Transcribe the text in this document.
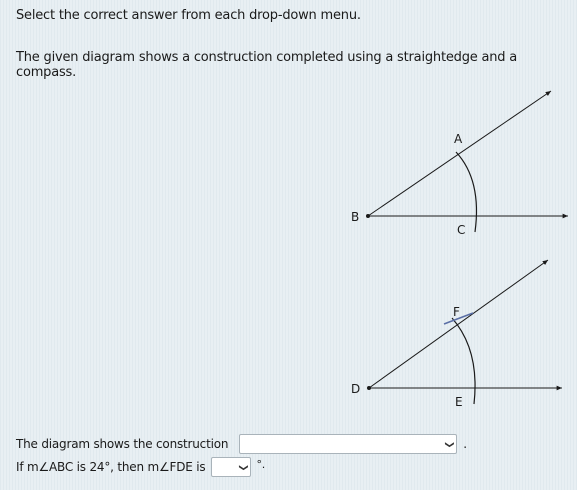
Select the correct answer from each drop-down menu.
The given diagram shows a construction completed using a straightedge and a compass.
A
B
C
F
D
E
The diagram shows the construction	❯ .
If m∠ABC is 24°, then m∠FDE is	❯ °.
